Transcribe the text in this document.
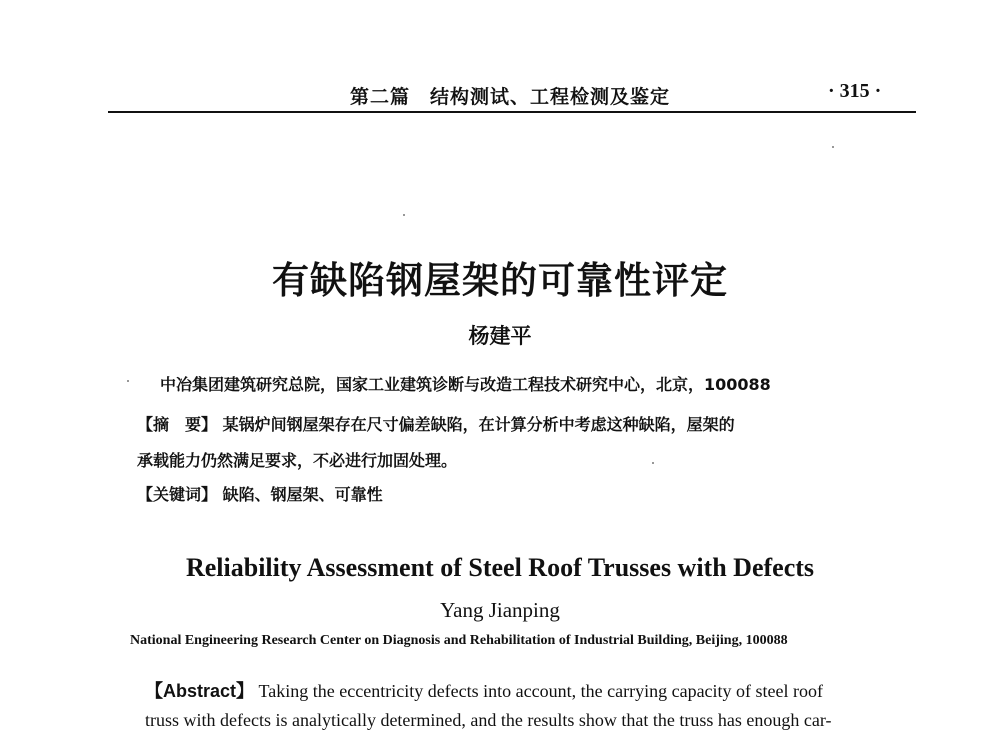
第二篇　结构测试、工程检测及鉴定	· 315 ·
有缺陷钢屋架的可靠性评定
杨建平
中冶集团建筑研究总院，国家工业建筑诊断与改造工程技术研究中心，北京，100088
【摘　要】 某锅炉间钢屋架存在尺寸偏差缺陷，在计算分析中考虑这种缺陷，屋架的
承载能力仍然满足要求，不必进行加固处理。
【关键词】 缺陷、钢屋架、可靠性
Reliability Assessment of Steel Roof Trusses with Defects
Yang Jianping
National Engineering Research Center on Diagnosis and Rehabilitation of Industrial Building, Beijing, 100088
【Abstract】 Taking the eccentricity defects into account, the carrying capacity of steel roof
truss with defects is analytically determined, and the results show that the truss has enough car-
